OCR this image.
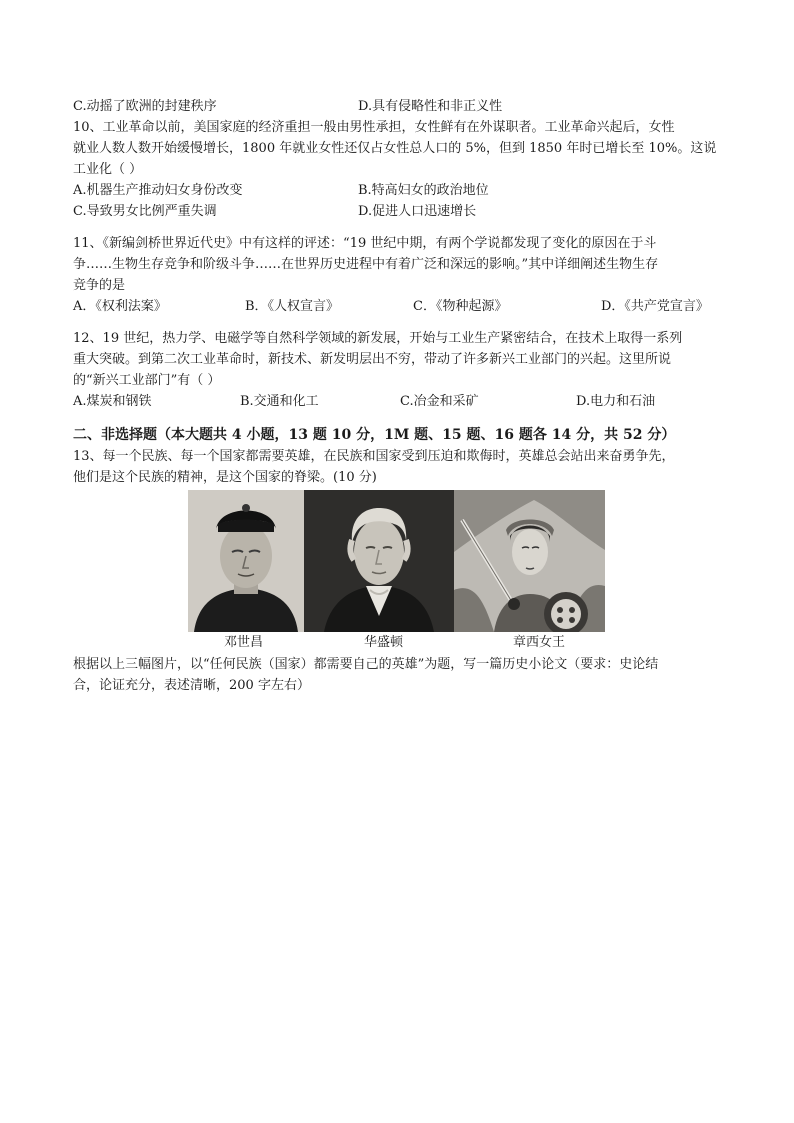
C.动摇了欧洲的封建秩序	D.具有侵略性和非正义性
10、工业革命以前，美国家庭的经济重担一般由男性承担，女性鲜有在外谋职者。工业革命兴起后，女性
就业人数人数开始缓慢增长，1800 年就业女性还仅占女性总人口的 5%，但到 1850 年时已增长至 10%。这说
工业化（ ）
A.机器生产推动妇女身份改变	B.特高妇女的政治地位
C.导致男女比例严重失调	D.促进人口迅速增长
11、《新编剑桥世界近代史》中有这样的评述：“19 世纪中期，有两个学说都发现了变化的原因在于斗
争……生物生存竞争和阶级斗争……在世界历史进程中有着广泛和深远的影响。”其中详细阐述生物生存
竞争的是
A．《权利法案》	B．《人权宣言》	C．《物种起源》	D．《共产党宣言》
12、19 世纪，热力学、电磁学等自然科学领域的新发展，开始与工业生产紧密结合，在技术上取得一系列
重大突破。到第二次工业革命时，新技术、新发明层出不穷，带动了许多新兴工业部门的兴起。这里所说
的“新兴工业部门”有（ ）
A.煤炭和钢铁	B.交通和化工	C.冶金和采矿	D.电力和石油
二、非选择题（本大题共 4 小题，13 题 10 分，1M 题、15 题、16 题各 14 分，共 52 分）
13、每一个民族、每一个国家都需要英雄，在民族和国家受到压迫和欺侮时，英雄总会站出来奋勇争先，
他们是这个民族的精神，是这个国家的脊梁。(10 分)
邓世昌	华盛顿	章西女王
根据以上三幅图片，以“任何民族（国家）都需要自己的英雄”为题，写一篇历史小论文（要求：史论结
合，论证充分，表述清晰，200 字左右）
